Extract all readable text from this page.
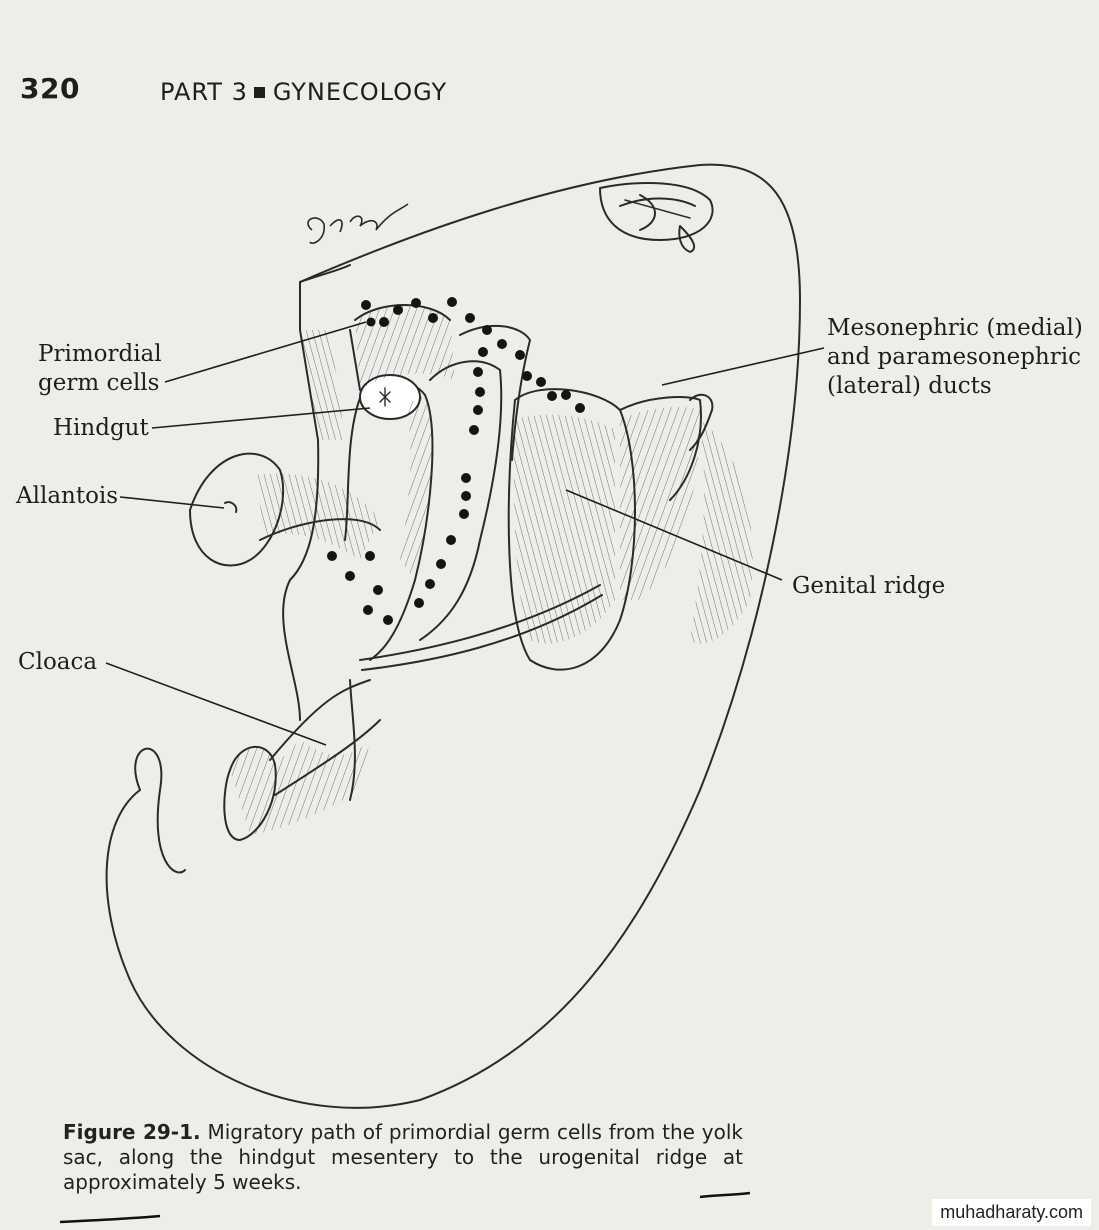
320	PART 3 GYNECOLOGY
Primordial
germ cells
Hindgut
Allantois
Cloaca
Mesonephric (medial)
and paramesonephric
(lateral) ducts
Genital ridge
Figure 29-1. Migratory path of primordial germ cells from the yolk sac, along the hindgut mesentery to the urogenital ridge at approximately 5 weeks.
muhadharaty.com
